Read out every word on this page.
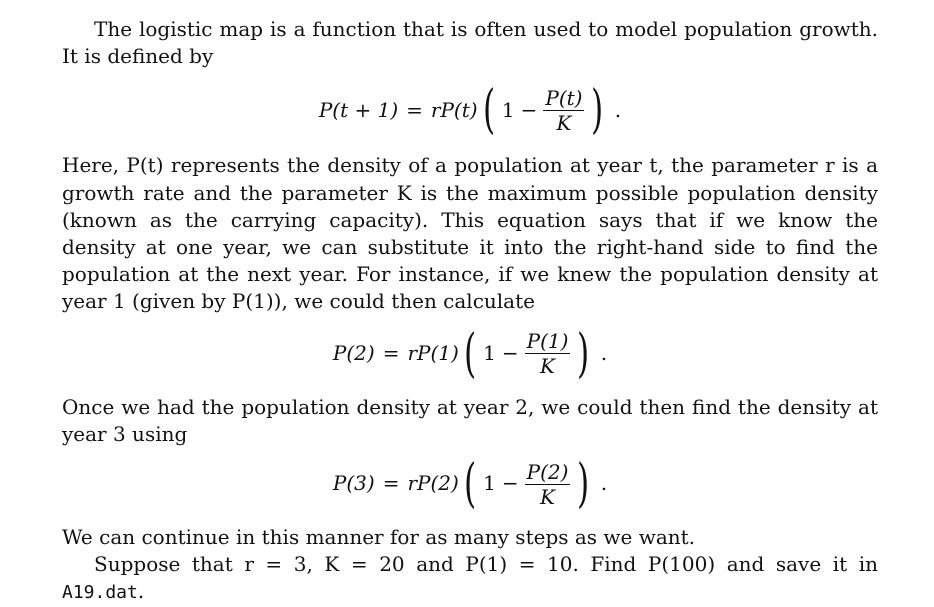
The logistic map is a function that is often used to model population growth. It is defined by

P(t + 1) = rP(t) ( $1 - \frac{P(t)}{K}$ ) .

Here, P(t) represents the density of a population at year t, the parameter r is a growth rate and the parameter K is the maximum possible population density (known as the carrying capacity). This equation says that if we know the density at one year, we can substitute it into the right-hand side to find the population at the next year. For instance, if we knew the population density at year 1 (given by P(1)), we could then calculate

P(2) = rP(1) ( $1 - \frac{P(1)}{K}$ ) .

Once we had the population density at year 2, we could then find the density at year 3 using

P(3) = rP(2) ( $1 - \frac{P(2)}{K}$ ) .

We can continue in this manner for as many steps as we want.

Suppose that r = 3, K = 20 and P(1) = 10. Find P(100) and save it in A19.dat.
